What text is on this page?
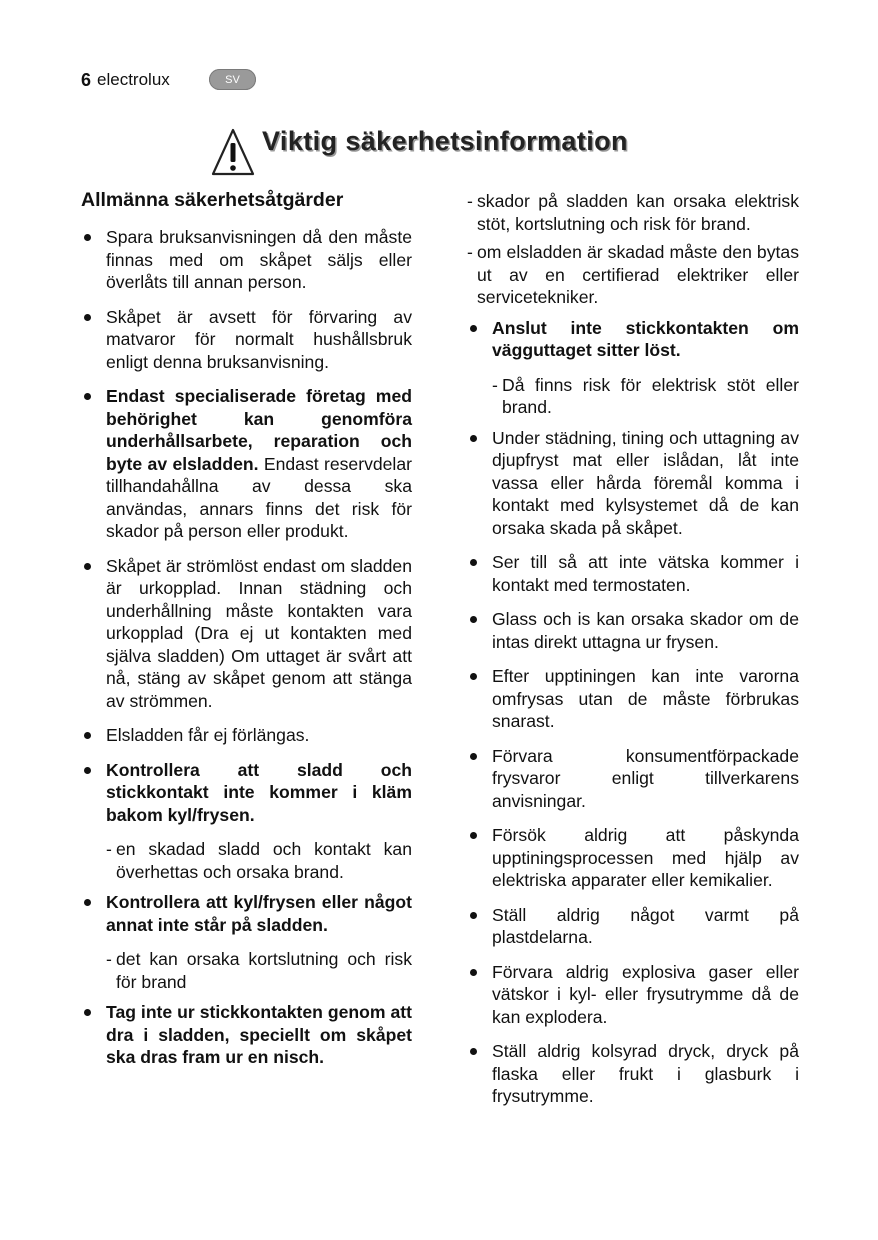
6 electrolux	SV
Viktig säkerhetsinformation
Allmänna säkerhetsåtgärder
Spara bruksanvisningen då den måste finnas med om skåpet säljs eller överlåts till annan person.
Skåpet är avsett för förvaring av matvaror för normalt hushållsbruk enligt denna bruksanvisning.
Endast specialiserade företag med behörighet kan genomföra underhållsarbete, reparation och byte av elsladden. Endast reservdelar tillhandahållna av dessa ska användas, annars finns det risk för skador på person eller produkt.
Skåpet är strömlöst endast om sladden är urkopplad. Innan städning och underhållning måste kontakten vara urkopplad (Dra ej ut kontakten med själva sladden) Om uttaget är svårt att nå, stäng av skåpet genom att stänga av strömmen.
Elsladden får ej förlängas.
Kontrollera att sladd och stickkontakt inte kommer i kläm bakom kyl/frysen.
- en skadad sladd och kontakt kan överhettas och orsaka brand.
Kontrollera att kyl/frysen eller något annat inte står på sladden.
- det kan orsaka kortslutning och risk för brand
Tag inte ur stickkontakten genom att dra i sladden, speciellt om skåpet ska dras fram ur en nisch.
- skador på sladden kan orsaka elektrisk stöt, kortslutning och risk för brand.
- om elsladden är skadad måste den bytas ut av en certifierad elektriker eller servicetekniker.
Anslut inte stickkontakten om vägguttaget sitter löst.
- Då finns risk för elektrisk stöt eller brand.
Under städning, tining och uttagning av djupfryst mat eller islådan, låt inte vassa eller hårda föremål komma i kontakt med kylsystemet då de kan orsaka skada på skåpet.
Ser till så att inte vätska kommer i kontakt med termostaten.
Glass och is kan orsaka skador om de intas direkt uttagna ur frysen.
Efter upptiningen kan inte varorna omfrysas utan de måste förbrukas snarast.
Förvara konsumentförpackade frysvaror enligt tillverkarens anvisningar.
Försök aldrig att påskynda upptiningsprocessen med hjälp av elektriska apparater eller kemikalier.
Ställ aldrig något varmt på plastdelarna.
Förvara aldrig explosiva gaser eller vätskor i kyl- eller frysutrymme då de kan explodera.
Ställ aldrig kolsyrad dryck, dryck på flaska eller frukt i glasburk i frysutrymme.
